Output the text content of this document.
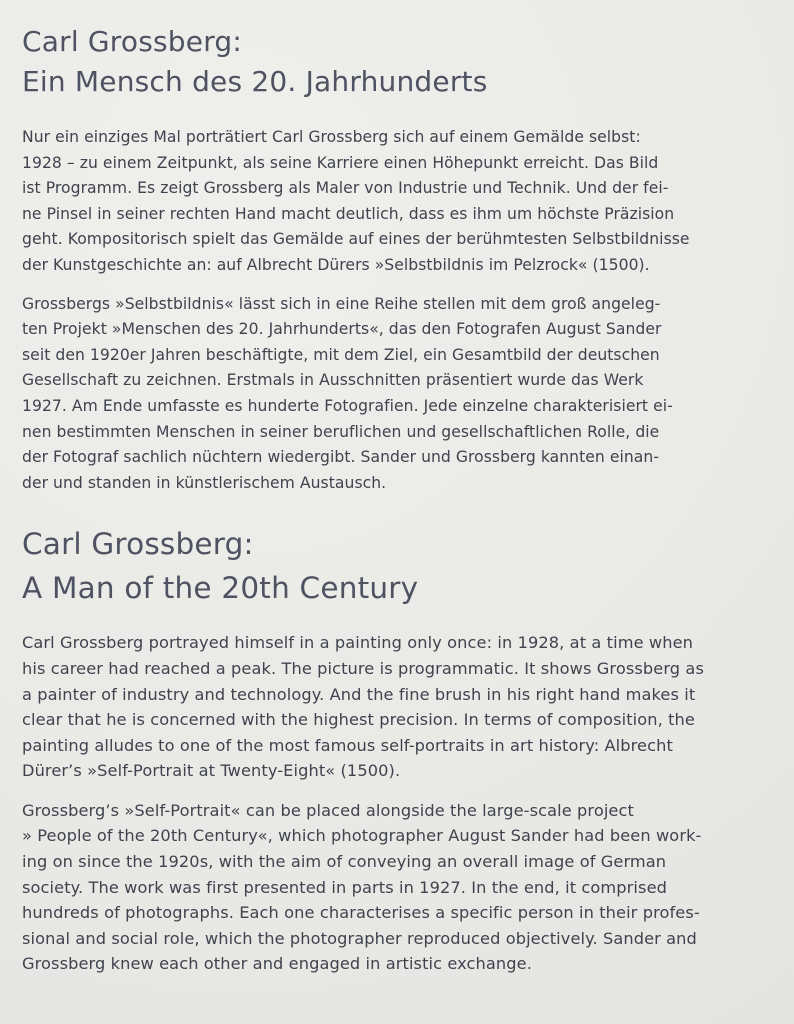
Carl Grossberg:
Ein Mensch des 20. Jahrhunderts

Nur ein einziges Mal porträtiert Carl Grossberg sich auf einem Gemälde selbst:
1928 – zu einem Zeitpunkt, als seine Karriere einen Höhepunkt erreicht. Das Bild
ist Programm. Es zeigt Grossberg als Maler von Industrie und Technik. Und der fei-
ne Pinsel in seiner rechten Hand macht deutlich, dass es ihm um höchste Präzision
geht. Kompositorisch spielt das Gemälde auf eines der berühmtesten Selbstbildnisse
der Kunstgeschichte an: auf Albrecht Dürers »Selbstbildnis im Pelzrock« (1500).

Grossbergs »Selbstbildnis« lässt sich in eine Reihe stellen mit dem groß angeleg-
ten Projekt »Menschen des 20. Jahrhunderts«, das den Fotografen August Sander
seit den 1920er Jahren beschäftigte, mit dem Ziel, ein Gesamtbild der deutschen
Gesellschaft zu zeichnen. Erstmals in Ausschnitten präsentiert wurde das Werk
1927. Am Ende umfasste es hunderte Fotografien. Jede einzelne charakterisiert ei-
nen bestimmten Menschen in seiner beruflichen und gesellschaftlichen Rolle, die
der Fotograf sachlich nüchtern wiedergibt. Sander und Grossberg kannten einan-
der und standen in künstlerischem Austausch.

Carl Grossberg:
A Man of the 20th Century

Carl Grossberg portrayed himself in a painting only once: in 1928, at a time when
his career had reached a peak. The picture is programmatic. It shows Grossberg as
a painter of industry and technology. And the fine brush in his right hand makes it
clear that he is concerned with the highest precision. In terms of composition, the
painting alludes to one of the most famous self-portraits in art history: Albrecht
Dürer’s »Self-Portrait at Twenty-Eight« (1500).

Grossberg’s »Self-Portrait« can be placed alongside the large-scale project
» People of the 20th Century«, which photographer August Sander had been work-
ing on since the 1920s, with the aim of conveying an overall image of German
society. The work was first presented in parts in 1927. In the end, it comprised
hundreds of photographs. Each one characterises a specific person in their profes-
sional and social role, which the photographer reproduced objectively. Sander and
Grossberg knew each other and engaged in artistic exchange.
